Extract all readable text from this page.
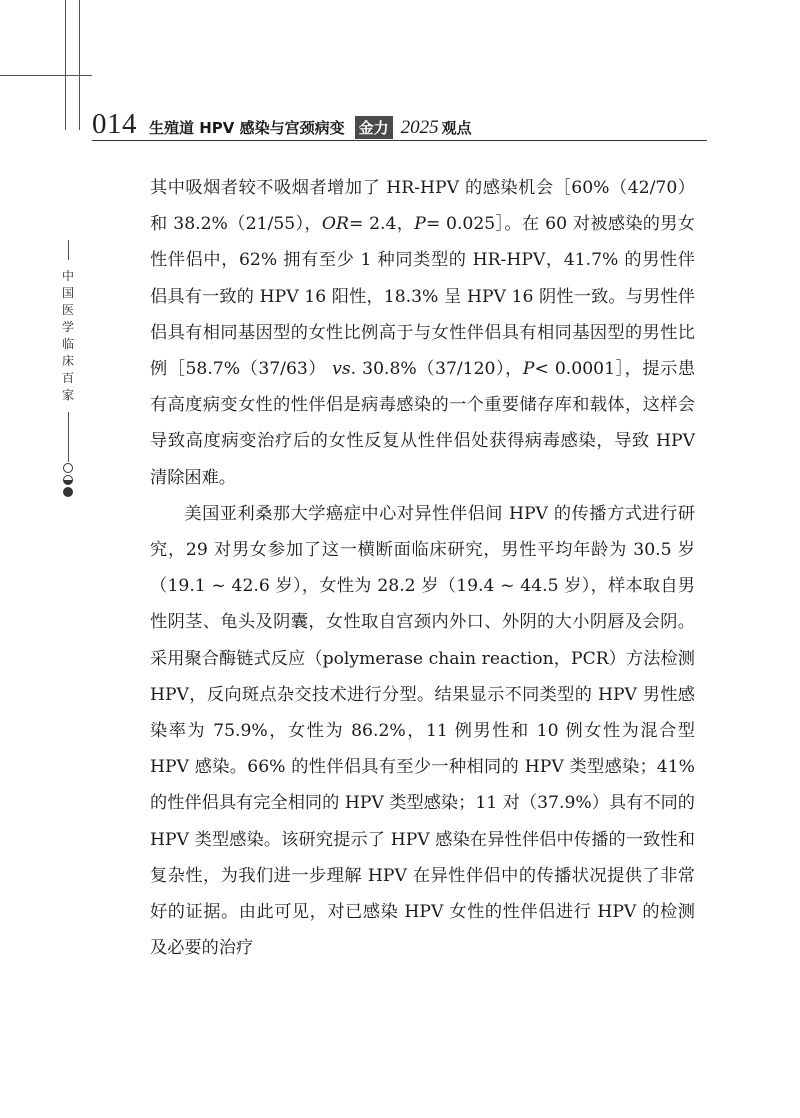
014 生殖道 HPV 感染与宫颈病变 金力 2025 观点
中国医学临床百家

其中吸烟者较不吸烟者增加了 HR-HPV 的感染机会［60%（42/70）和 38.2%（21/55），OR= 2.4，P= 0.025］。在 60 对被感染的男女性伴侣中，62% 拥有至少 1 种同类型的 HR-HPV，41.7% 的男性伴侣具有一致的 HPV 16 阳性，18.3% 呈 HPV 16 阴性一致。与男性伴侣具有相同基因型的女性比例高于与女性伴侣具有相同基因型的男性比例［58.7%（37/63） vs. 30.8%（37/120），P< 0.0001］，提示患有高度病变女性的性伴侣是病毒感染的一个重要储存库和载体，这样会导致高度病变治疗后的女性反复从性伴侣处获得病毒感染，导致 HPV 清除困难。

美国亚利桑那大学癌症中心对异性伴侣间 HPV 的传播方式进行研究，29 对男女参加了这一横断面临床研究，男性平均年龄为 30.5 岁（19.1 ~ 42.6 岁），女性为 28.2 岁（19.4 ~ 44.5 岁），样本取自男性阴茎、龟头及阴囊，女性取自宫颈内外口、外阴的大小阴唇及会阴。采用聚合酶链式反应（polymerase chain reaction，PCR）方法检测 HPV，反向斑点杂交技术进行分型。结果显示不同类型的 HPV 男性感染率为 75.9%，女性为 86.2%，11 例男性和 10 例女性为混合型 HPV 感染。66% 的性伴侣具有至少一种相同的 HPV 类型感染；41% 的性伴侣具有完全相同的 HPV 类型感染；11 对（37.9%）具有不同的 HPV 类型感染。该研究提示了 HPV 感染在异性伴侣中传播的一致性和复杂性，为我们进一步理解 HPV 在异性伴侣中的传播状况提供了非常好的证据。由此可见，对已感染 HPV 女性的性伴侣进行 HPV 的检测及必要的治疗
